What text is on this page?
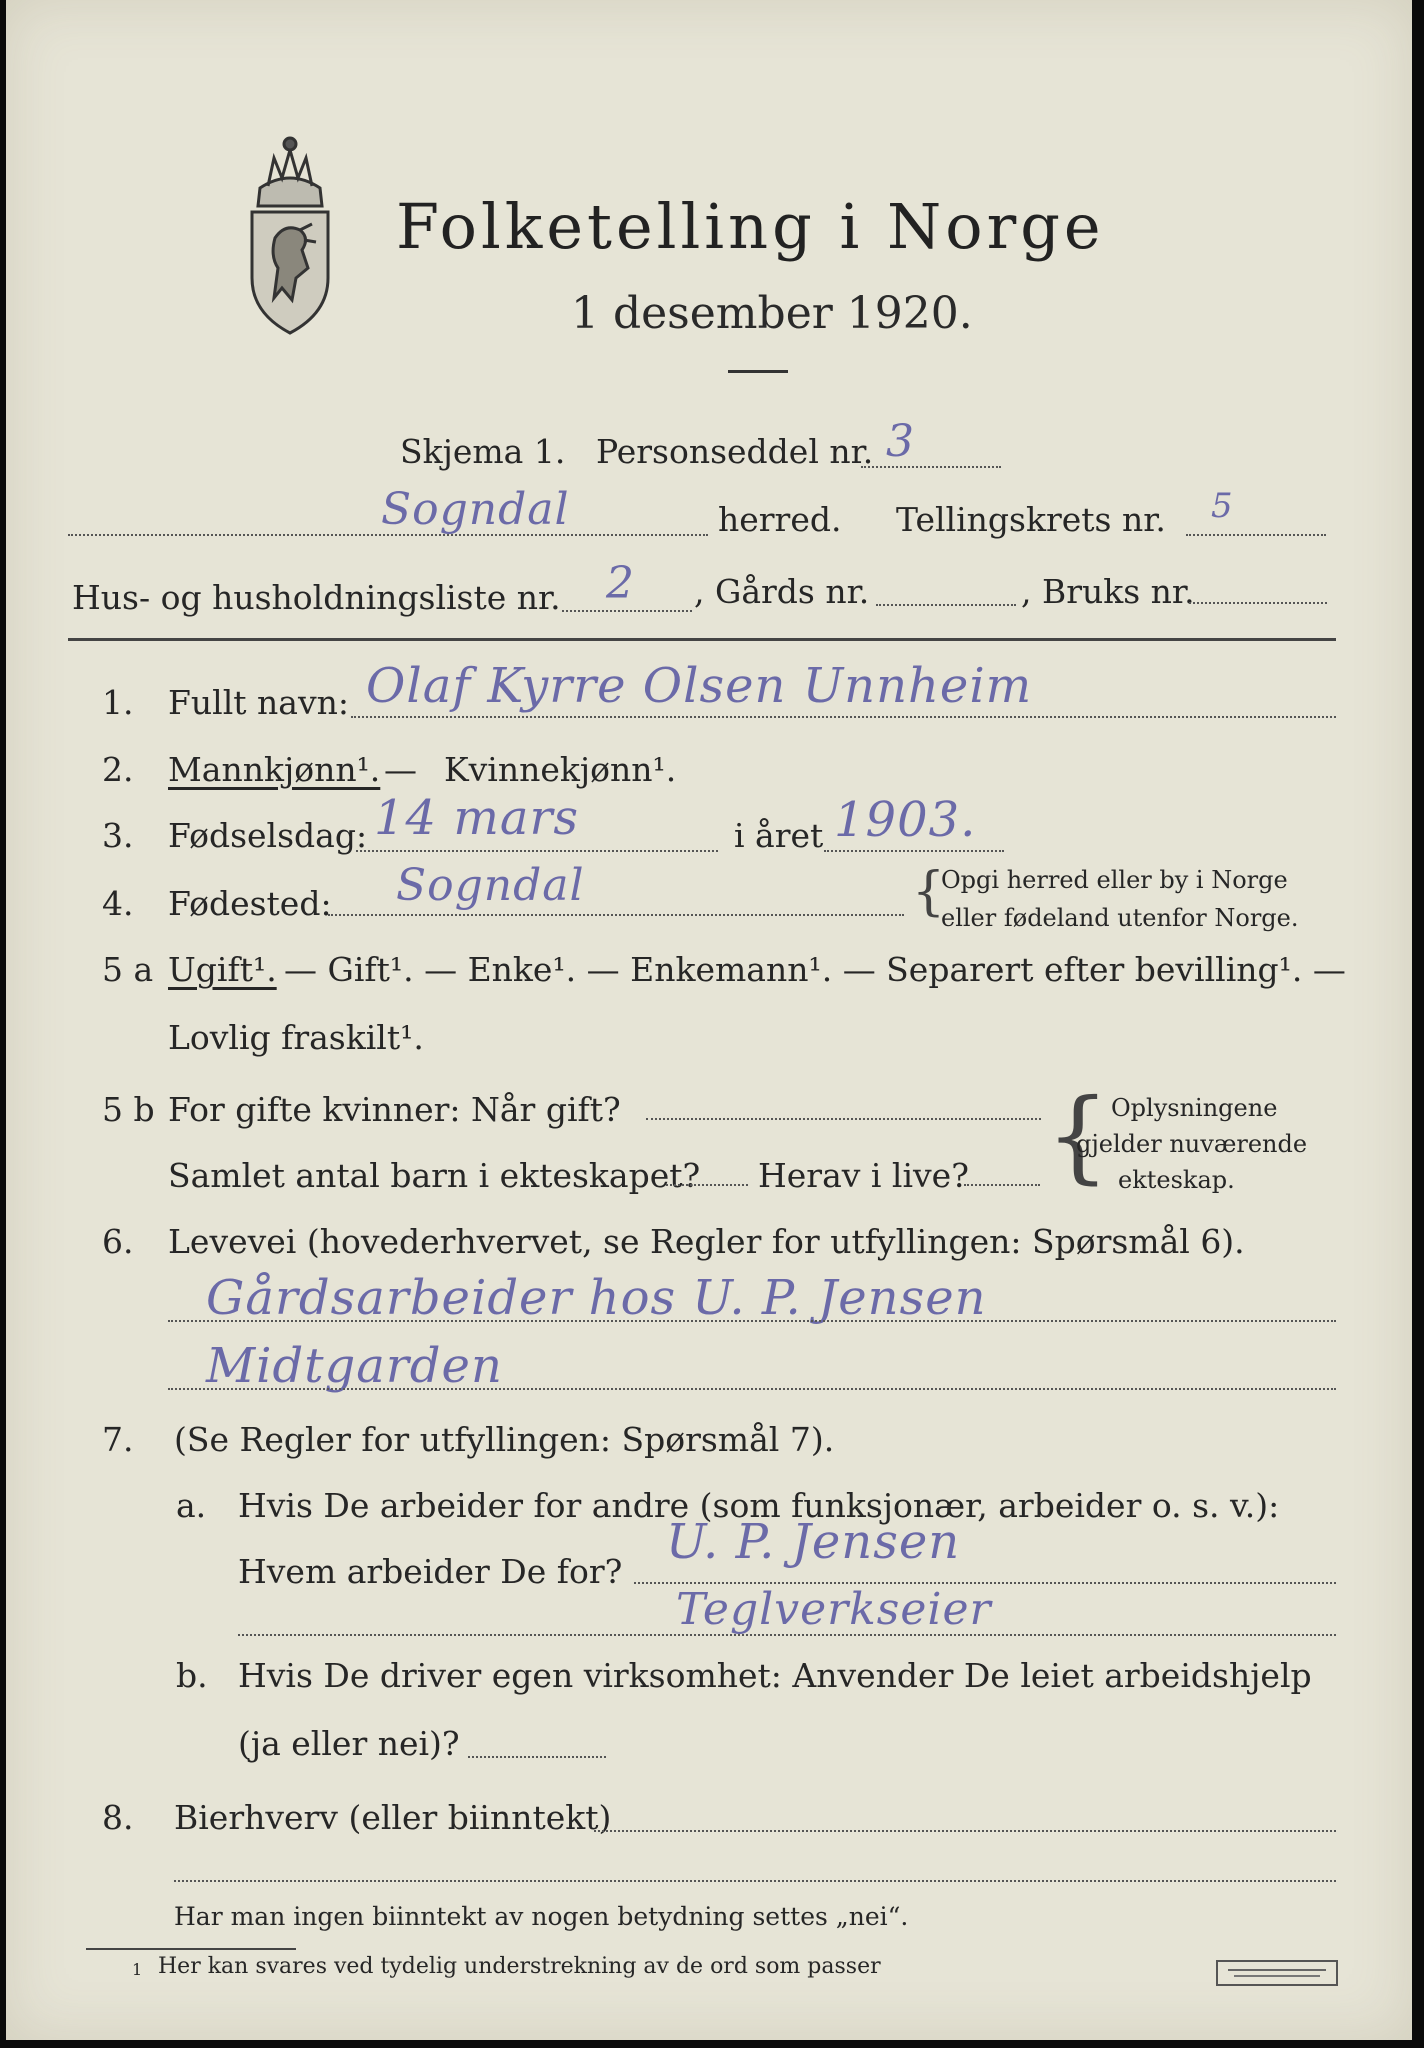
Folketelling i Norge
1 desember 1920.
Skjema 1. Personseddel nr. 3
Sogndal	herred. Tellingskrets nr. 5
Hus- og husholdningsliste nr. 2 , Gårds nr.	, Bruks nr.
1. Fullt navn: Olaf Kyrre Olsen Unnheim
2. Mannkjønn¹. — Kvinnekjønn¹.
3. Fødselsdag: 14 mars	i året 1903.
4. Fødested: Sogndal	{
Opgi herred eller by i Norge
eller fødeland utenfor Norge.
5 a Ugift¹. — Gift¹. — Enke¹. — Enkemann¹. — Separert efter bevilling¹. —
Lovlig fraskilt¹.
5 b For gifte kvinner: Når gift?
Samlet antal barn i ekteskapet? Herav i live? { Oplysningene
gjelder nuværende
ekteskap.
6. Levevei (hovederhvervet, se Regler for utfyllingen: Spørsmål 6).
Gårdsarbeider hos U. P. Jensen
Midtgarden
7. (Se Regler for utfyllingen: Spørsmål 7).
a. Hvis De arbeider for andre (som funksjonær, arbeider o. s. v.):
Hvem arbeider De for?
U. P. Jensen
Teglverkseier
b. Hvis De driver egen virksomhet: Anvender De leiet arbeidshjelp
(ja eller nei)?
8. Bierhverv (eller biinntekt)
Har man ingen biinntekt av nogen betydning settes „nei“.
1 Her kan svares ved tydelig understrekning av de ord som passer
